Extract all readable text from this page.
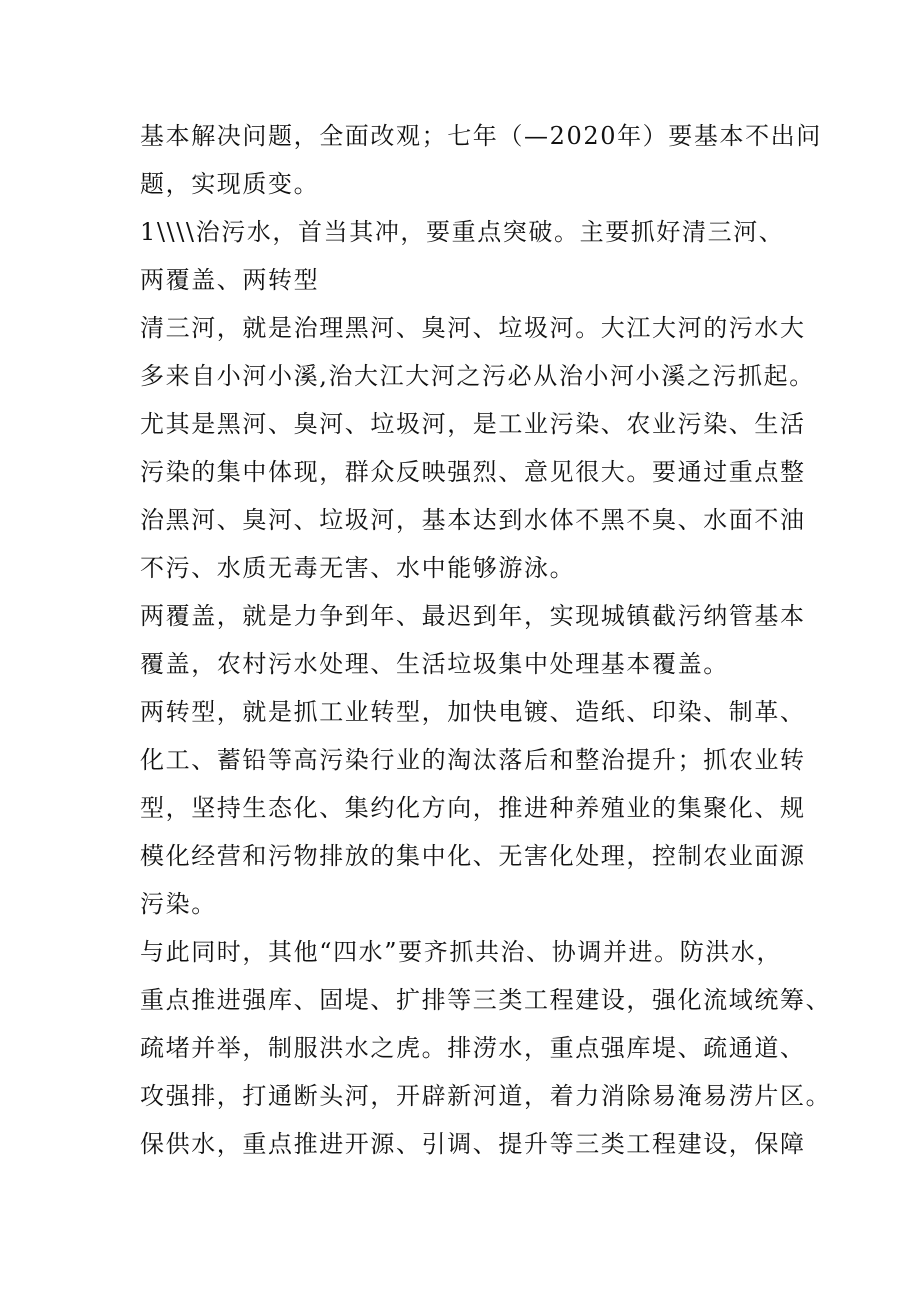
基本解决问题，全面改观；七年（—2020年）要基本不出问
题，实现质变。
1\\\\治污水，首当其冲，要重点突破。主要抓好清三河、
两覆盖、两转型
清三河，就是治理黑河、臭河、垃圾河。大江大河的污水大
多来自小河小溪,治大江大河之污必从治小河小溪之污抓起。
尤其是黑河、臭河、垃圾河，是工业污染、农业污染、生活
污染的集中体现，群众反映强烈、意见很大。要通过重点整
治黑河、臭河、垃圾河，基本达到水体不黑不臭、水面不油
不污、水质无毒无害、水中能够游泳。
两覆盖，就是力争到年、最迟到年，实现城镇截污纳管基本
覆盖，农村污水处理、生活垃圾集中处理基本覆盖。
两转型，就是抓工业转型，加快电镀、造纸、印染、制革、
化工、蓄铅等高污染行业的淘汰落后和整治提升；抓农业转
型，坚持生态化、集约化方向，推进种养殖业的集聚化、规
模化经营和污物排放的集中化、无害化处理，控制农业面源
污染。
与此同时，其他“四水”要齐抓共治、协调并进。防洪水，
重点推进强库、固堤、扩排等三类工程建设，强化流域统筹、
疏堵并举，制服洪水之虎。排涝水，重点强库堤、疏通道、
攻强排，打通断头河，开辟新河道，着力消除易淹易涝片区。
保供水，重点推进开源、引调、提升等三类工程建设，保障
